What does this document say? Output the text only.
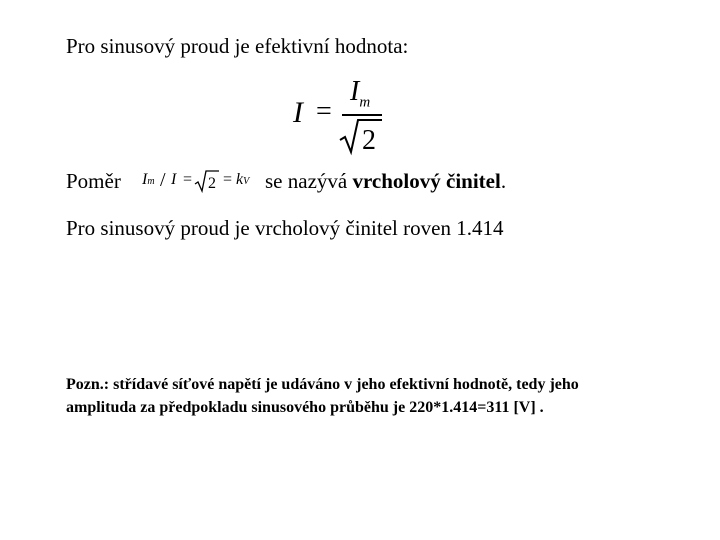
Pro sinusový proud je efektivní hodnota:
I =
$I_m$
2
Poměr Im / I = 2 = kV se nazývá vrcholový činitel.
Pro sinusový proud je vrcholový činitel roven 1.414
Pozn.: střídavé síťové napětí je udáváno v jeho efektivní hodnotě, tedy jeho amplituda za předpokladu sinusového průběhu je 220*1.414=311 [V] .
